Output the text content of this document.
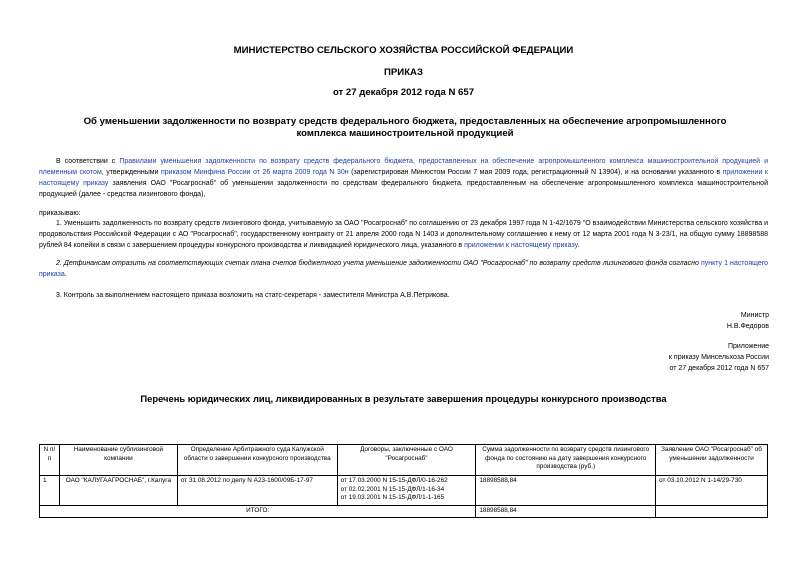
МИНИСТЕРСТВО СЕЛЬСКОГО ХОЗЯЙСТВА РОССИЙСКОЙ ФЕДЕРАЦИИ
ПРИКАЗ
от 27 декабря 2012 года N 657
Об уменьшении задолженности по возврату средств федерального бюджета, предоставленных на обеспечение агропромышленного комплекса машиностроительной продукцией
В соответствии с Правилами уменьшения задолженности по возврату средств федерального бюджета, предоставленных на обеспечение агропромышленного комплекса машиностроительной продукцией и племенным скотом, утвержденными приказом Минфина России от 26 марта 2009 года N 30н (зарегистрирован Минюстом России 7 мая 2009 года, регистрационный N 13904), и на основании указанного в приложении к настоящему приказу заявления ОАО "Росагроснаб" об уменьшении задолженности по средствам федерального бюджета, предоставленным на обеспечение агропромышленного комплекса машиностроительной продукцией (далее - средства лизингового фонда),
приказываю:
1. Уменьшить задолженность по возврату средств лизингового фонда, учитываемую за ОАО "Росагроснаб" по соглашению от 23 декабря 1997 года N 1-42/1679 "О взаимодействии Министерства сельского хозяйства и продовольствия Российской Федерации с АО "Росагроснаб", государственному контракту от 21 апреля 2000 года N 1403 и дополнительному соглашению к нему от 12 марта 2001 года N 3-23/1, на общую сумму 18898588 рублей 84 копейки в связи с завершением процедуры конкурсного производства и ликвидацией юридического лица, указанного в приложении к настоящему приказу.
2. Депфинансам отразить на соответствующих счетах плана счетов бюджетного учета уменьшение задолженности ОАО "Росагроснаб" по возврату средств лизингового фонда согласно пункту 1 настоящего приказа.
3. Контроль за выполнением настоящего приказа возложить на статс-секретаря - заместителя Министра А.В.Петрикова.
Министр
Н.В.Федоров
Приложение
к приказу Минсельхоза России
от 27 декабря 2012 года N 657
Перечень юридических лиц, ликвидированных в результате завершения процедуры конкурсного производства
N п/п	Наименование сублизинговой компании	Определение Арбитражного суда Калужской области о завершении конкурсного производства	Договоры, заключенные с ОАО "Росагроснаб"	Сумма задолженности по возврату средств лизингового фонда по состоянию на дату завершения конкурсного производства (руб.)	Заявление ОАО "Росагроснаб" об уменьшении задолженности
1	ОАО "КАЛУГААГРОСНАБ", г.Калуга	от 31.08.2012 по делу N А23-1600/09Б-17-97	от 17.03.2000 N 15-15-ДФЛ/0-16-262
от 02.02.2001 N 15-15-ДФЛ/1-16-34
от 19.03.2001 N 15-15-ДФЛ/1-1-165	18898588,84	от 03.10.2012 N 1-14/29-730
ИТОГО:				18898588,84	
